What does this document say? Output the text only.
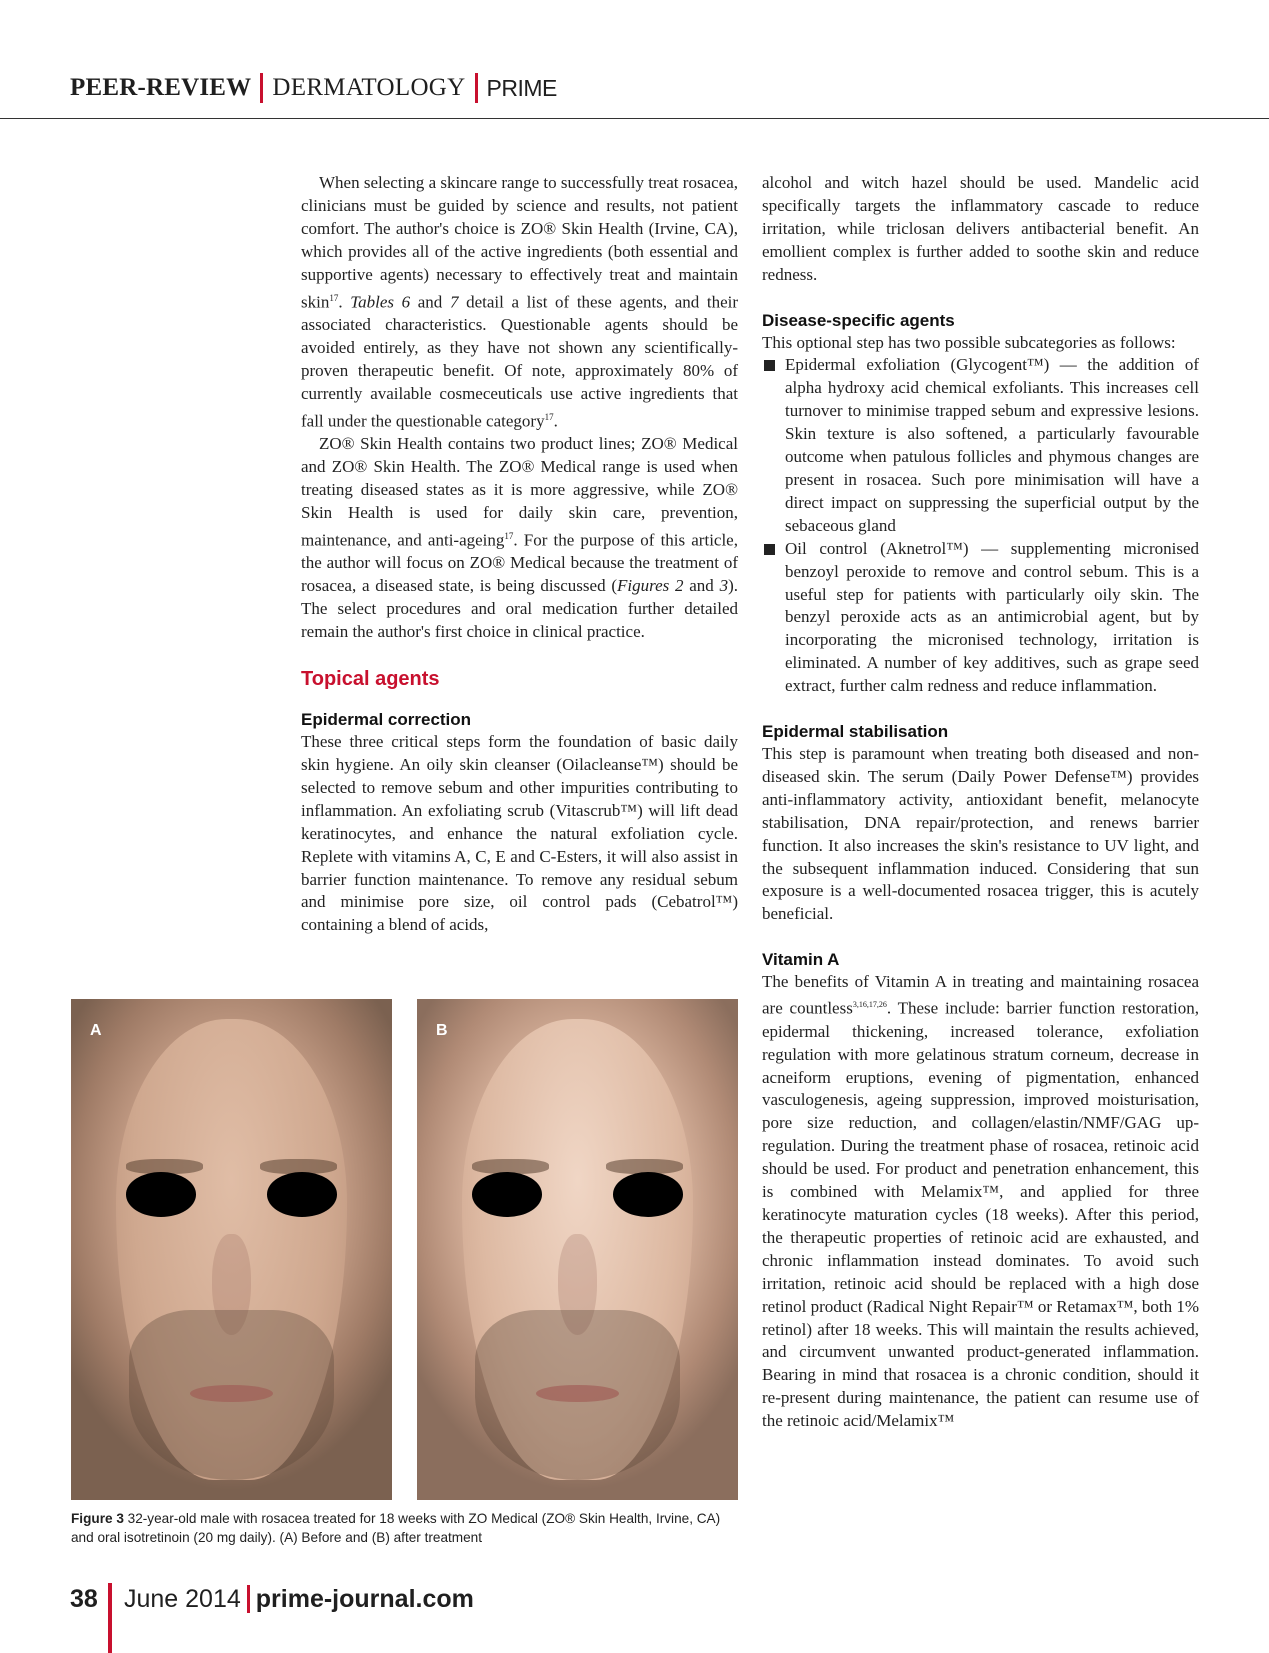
PEER-REVIEW DERMATOLOGY PRIME

When selecting a skincare range to successfully treat rosacea, clinicians must be guided by science and results, not patient comfort. The author's choice is ZO® Skin Health (Irvine, CA), which provides all of the active ingredients (both essential and supportive agents) necessary to effectively treat and maintain skin$^{17}$. Tables 6 and 7 detail a list of these agents, and their associated characteristics. Questionable agents should be avoided entirely, as they have not shown any scientifically-proven therapeutic benefit. Of note, approximately 80% of currently available cosmeceuticals use active ingredients that fall under the questionable category$^{17}$.

ZO® Skin Health contains two product lines; ZO® Medical and ZO® Skin Health. The ZO® Medical range is used when treating diseased states as it is more aggressive, while ZO® Skin Health is used for daily skin care, prevention, maintenance, and anti-ageing$^{17}$. For the purpose of this article, the author will focus on ZO® Medical because the treatment of rosacea, a diseased state, is being discussed (Figures 2 and 3). The select procedures and oral medication further detailed remain the author's first choice in clinical practice.

Topical agents
Epidermal correction

These three critical steps form the foundation of basic daily skin hygiene. An oily skin cleanser (Oilacleanse™) should be selected to remove sebum and other impurities contributing to inflammation. An exfoliating scrub (Vitascrub™) will lift dead keratinocytes, and enhance the natural exfoliation cycle. Replete with vitamins A, C, E and C-Esters, it will also assist in barrier function maintenance. To remove any residual sebum and minimise pore size, oil control pads (Cebatrol™) containing a blend of acids,

alcohol and witch hazel should be used. Mandelic acid specifically targets the inflammatory cascade to reduce irritation, while triclosan delivers antibacterial benefit. An emollient complex is further added to soothe skin and reduce redness.

Disease-specific agents

This optional step has two possible subcategories as follows:

Epidermal exfoliation (Glycogent™) — the addition of alpha hydroxy acid chemical exfoliants. This increases cell turnover to minimise trapped sebum and expressive lesions. Skin texture is also softened, a particularly favourable outcome when patulous follicles and phymous changes are present in rosacea. Such pore minimisation will have a direct impact on suppressing the superficial output by the sebaceous gland
Oil control (Aknetrol™) — supplementing micronised benzoyl peroxide to remove and control sebum. This is a useful step for patients with particularly oily skin. The benzyl peroxide acts as an antimicrobial agent, but by incorporating the micronised technology, irritation is eliminated. A number of key additives, such as grape seed extract, further calm redness and reduce inflammation.
Epidermal stabilisation

This step is paramount when treating both diseased and non-diseased skin. The serum (Daily Power Defense™) provides anti-inflammatory activity, antioxidant benefit, melanocyte stabilisation, DNA repair/protection, and renews barrier function. It also increases the skin's resistance to UV light, and the subsequent inflammation induced. Considering that sun exposure is a well-documented rosacea trigger, this is acutely beneficial.

Vitamin A

The benefits of Vitamin A in treating and maintaining rosacea are countless$^{3,16,17,26}$. These include: barrier function restoration, epidermal thickening, increased tolerance, exfoliation regulation with more gelatinous stratum corneum, decrease in acneiform eruptions, evening of pigmentation, enhanced vasculogenesis, ageing suppression, improved moisturisation, pore size reduction, and collagen/elastin/NMF/GAG up-regulation. During the treatment phase of rosacea, retinoic acid should be used. For product and penetration enhancement, this is combined with Melamix™, and applied for three keratinocyte maturation cycles (18 weeks). After this period, the therapeutic properties of retinoic acid are exhausted, and chronic inflammation instead dominates. To avoid such irritation, retinoic acid should be replaced with a high dose retinol product (Radical Night Repair™ or Retamax™, both 1% retinol) after 18 weeks. This will maintain the results achieved, and circumvent unwanted product-generated inflammation. Bearing in mind that rosacea is a chronic condition, should it re-present during maintenance, the patient can resume use of the retinoic acid/Melamix™

A	B
Figure 3 32-year-old male with rosacea treated for 18 weeks with ZO Medical (ZO® Skin Health, Irvine, CA) and oral isotretinoin (20 mg daily). (A) Before and (B) after treatment
38	June 2014 prime-journal.com
